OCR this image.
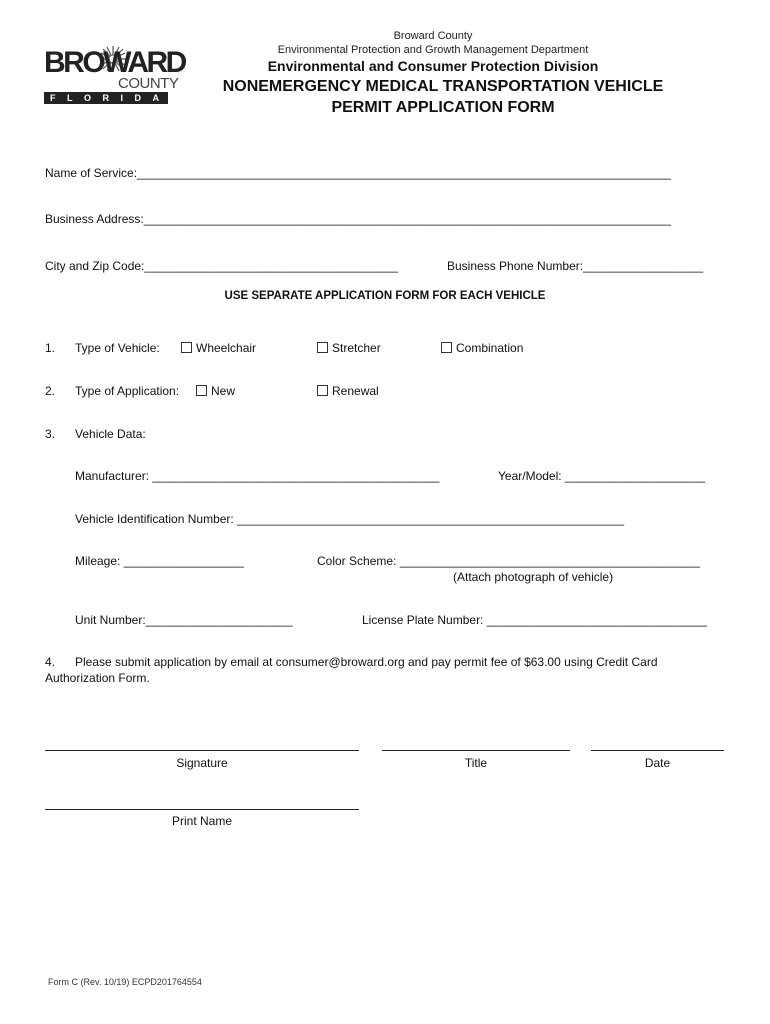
BROWARD
COUNTY
FLORIDA
Broward County
Environmental Protection and Growth Management Department
Environmental and Consumer Protection Division
NONEMERGENCY MEDICAL TRANSPORTATION VEHICLE
PERMIT APPLICATION FORM
Name of Service:________________________________________________________________________________
Business Address:_______________________________________________________________________________
City and Zip Code:______________________________________	Business Phone Number:__________________
USE SEPARATE APPLICATION FORM FOR EACH VEHICLE
1. Type of Vehicle:	Wheelchair	Stretcher	Combination
2. Type of Application:	New	Renewal
3. Vehicle Data:
Manufacturer: ___________________________________________	Year/Model: _____________________
Vehicle Identification Number: __________________________________________________________
Mileage: __________________	Color Scheme: _____________________________________________
(Attach photograph of vehicle)
Unit Number:______________________	License Plate Number: _________________________________
4. Please submit application by email at consumer@broward.org and pay permit fee of $63.00 using Credit Card
Authorization Form.
Signature	Title	Date
Print Name
Form C (Rev. 10/19) ECPD201764554
